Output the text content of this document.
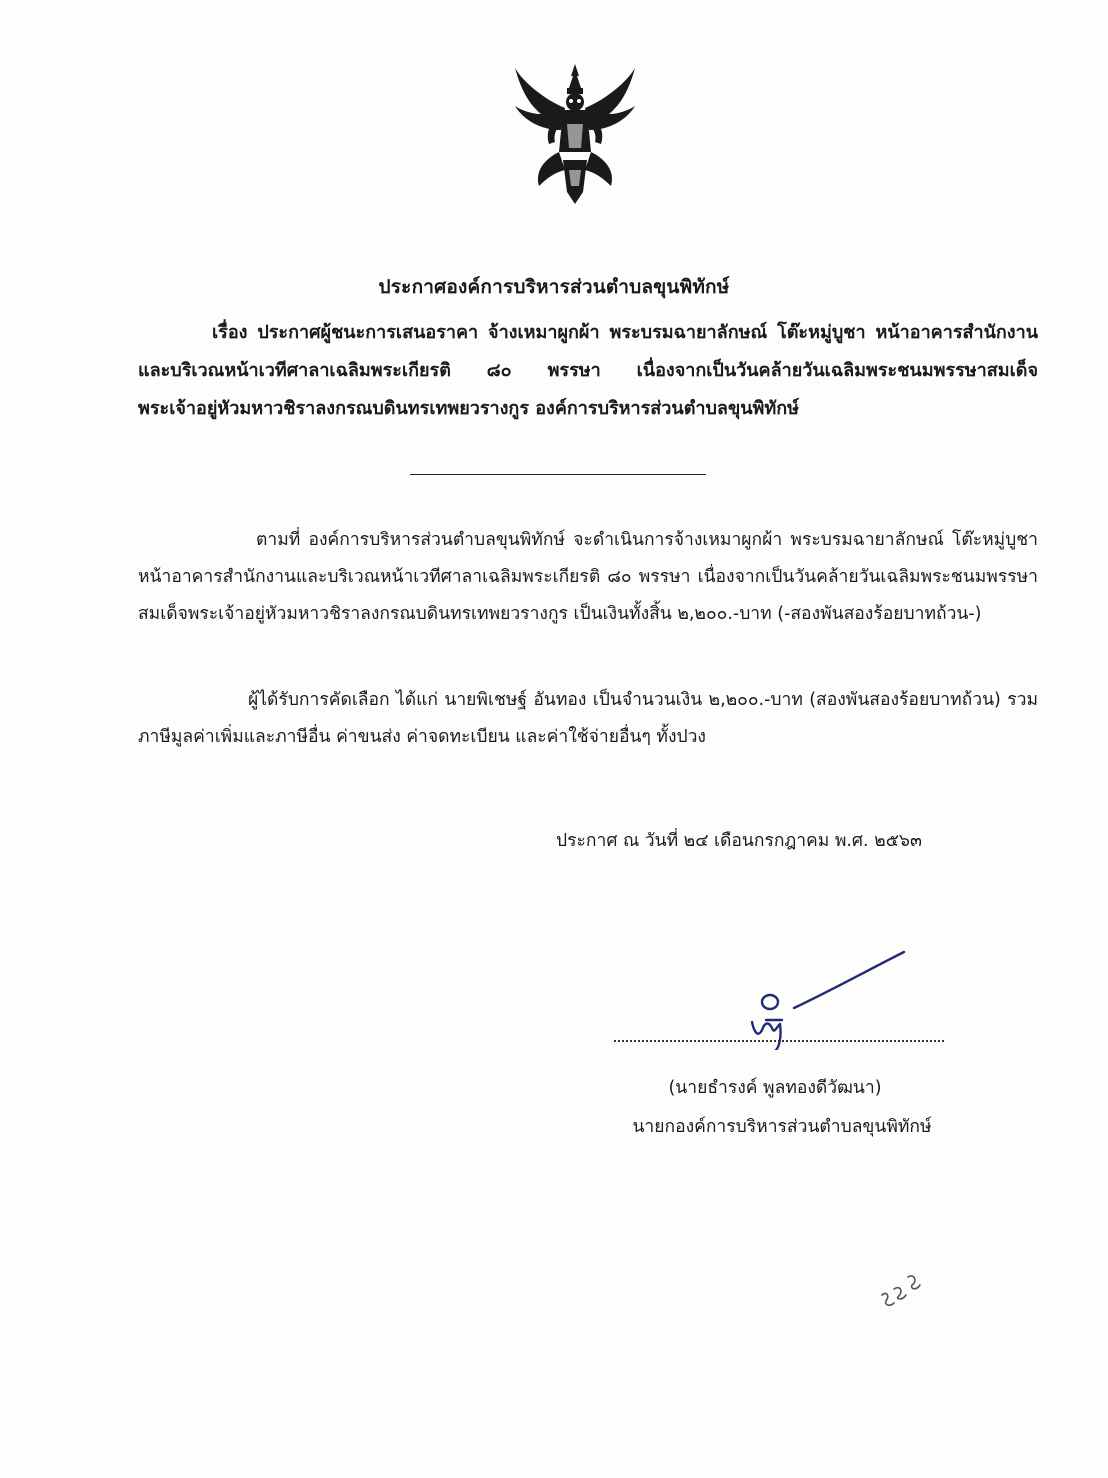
ประกาศองค์การบริหารส่วนตำบลขุนพิทักษ์
เรื่อง ประกาศผู้ชนะการเสนอราคา จ้างเหมาผูกผ้า พระบรมฉายาลักษณ์ โต๊ะหมู่บูชา หน้าอาคารสำนักงานและบริเวณหน้าเวทีศาลาเฉลิมพระเกียรติ ๘๐ พรรษา เนื่องจากเป็นวันคล้ายวันเฉลิมพระชนมพรรษาสมเด็จพระเจ้าอยู่หัวมหาวชิราลงกรณบดินทรเทพยวรางกูร องค์การบริหารส่วนตำบลขุนพิทักษ์
ตามที่ องค์การบริหารส่วนตำบลขุนพิทักษ์ จะดำเนินการจ้างเหมาผูกผ้า พระบรมฉายาลักษณ์ โต๊ะหมู่บูชา หน้าอาคารสำนักงานและบริเวณหน้าเวทีศาลาเฉลิมพระเกียรติ ๘๐ พรรษา เนื่องจากเป็นวันคล้ายวันเฉลิมพระชนมพรรษาสมเด็จพระเจ้าอยู่หัวมหาวชิราลงกรณบดินทรเทพยวรางกูร เป็นเงินทั้งสิ้น ๒,๒๐๐.-บาท (-สองพันสองร้อยบาทถ้วน-)
ผู้ได้รับการคัดเลือก ได้แก่ นายพิเชษฐ์ อันทอง เป็นจำนวนเงิน ๒,๒๐๐.-บาท (สองพันสองร้อยบาทถ้วน) รวมภาษีมูลค่าเพิ่มและภาษีอื่น ค่าขนส่ง ค่าจดทะเบียน และค่าใช้จ่ายอื่นๆ ทั้งปวง
ประกาศ ณ วันที่ ๒๔ เดือนกรกฎาคม พ.ศ. ๒๕๖๓
(นายธำรงค์ พูลทองดีวัฒนา)
นายกองค์การบริหารส่วนตำบลขุนพิทักษ์
